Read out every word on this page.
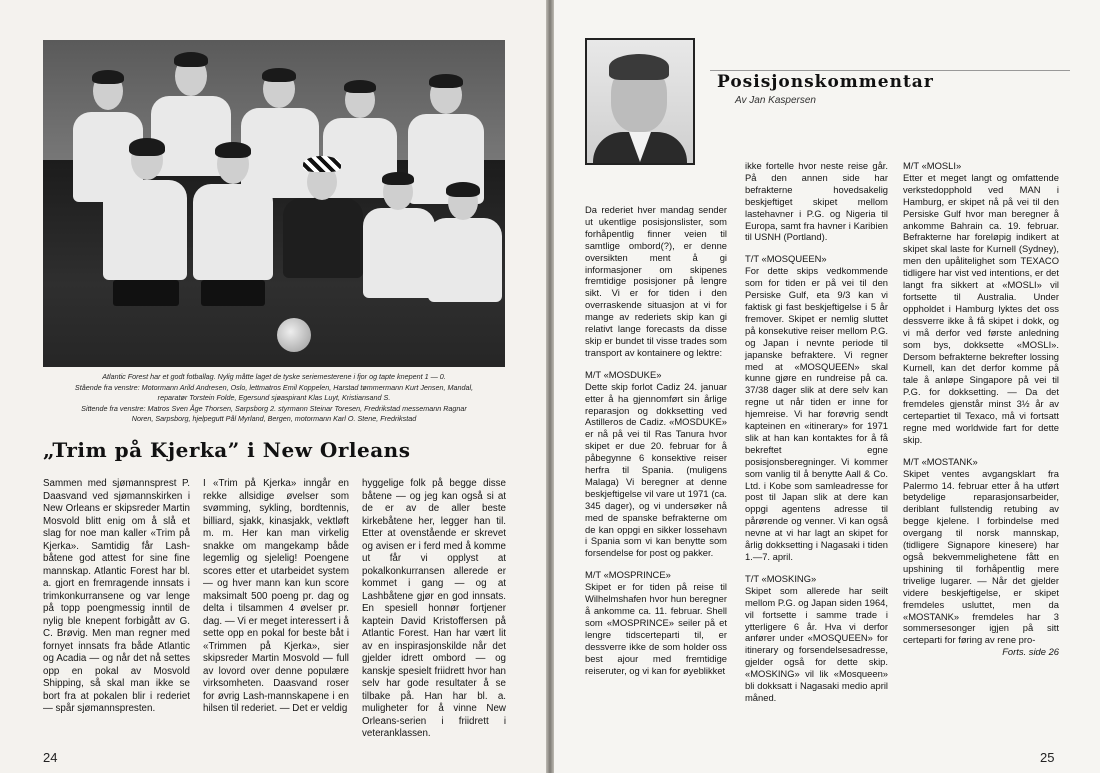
Atlantic Forest har et godt fotballag. Nylig måtte laget de tyske seriemesterene i fjor og tapte knepent 1 — 0.
Stående fra venstre: Motormann Arild Andresen, Oslo, lettmatros Emil Koppelen, Harstad tømmermann Kurt Jensen, Mandal,
reparatør Torstein Folde, Egersund sjøaspirant Klas Luyt, Kristiansand S.
Sittende fra venstre: Matros Sven Åge Thorsen, Sarpsborg 2. styrmann Steinar Toresen, Fredrikstad messemann Ragnar
Noren, Sarpsborg, hjelpegutt Pål Myrland, Bergen, motormann Karl O. Stene, Fredrikstad
„Trim på Kjerka” i New Orleans
Sammen med sjømannsprest P. Daasvand ved sjømannskirken i New Orleans er skipsreder Martin Mosvold blitt enig om å slå et slag for noe man kaller «Trim på Kjerka». Samtidig får Lash-båtene god attest for sine fine mannskap. Atlantic Forest har bl. a. gjort en fremragende innsats i trimkonkurransene og var lenge på topp poengmessig inntil de nylig ble knepent forbigått av G. C. Brøvig. Men man regner med fornyet innsats fra både Atlantic og Acadia — og når det nå settes opp en pokal av Mosvold Shipping, så skal man ikke se bort fra at pokalen blir i rederiet — spår sjømannspresten.
I «Trim på Kjerka» inngår en rekke allsidige øvelser som svømming, sykling, bordtennis, billiard, sjakk, kinasjakk, vektløft m. m. Her kan man virkelig snakke om mangekamp både legemlig og sjelelig! Poengene scores etter et utarbeidet system — og hver mann kan kun score maksimalt 500 poeng pr. dag og delta i tilsammen 4 øvelser pr. dag. — Vi er meget interessert i å sette opp en pokal for beste båt i «Trimmen på Kjerka», sier skipsreder Martin Mosvold — full av lovord over denne populære virksomheten. Daasvand roser for øvrig Lash-mannskapene i en hilsen til rederiet. — Det er veldig
hyggelige folk på begge disse båtene — og jeg kan også si at de er av de aller beste kirkebåtene her, legger han til. Etter at ovenstående er skrevet og avisen er i ferd med å komme ut får vi opplyst at pokalkonkurransen allerede er kommet i gang — og at Lashbåtene gjør en god innsats. En spesiell honnør fortjener kaptein David Kristoffersen på Atlantic Forest. Han har vært lit av en inspirasjonskilde når det gjelder idrett ombord — og kanskje spesielt friidrett hvor han selv har gode resultater å se tilbake på. Han har bl. a. muligheter for å vinne New Orleans-serien i friidrett i veteranklassen.
24
Posisjonskommentar
Av Jan Kaspersen

Da rederiet hver mandag sender ut ukentlige posisjonslister, som forhåpentlig finner veien til samtlige ombord(?), er denne oversikten ment å gi informasjoner om skipenes fremtidige posisjoner på lengre sikt. Vi er for tiden i den overraskende situasjon at vi for mange av rederiets skip kan gi relativt lange forecasts da disse skip er bundet til visse trades som transport av kontainere og lektre:

M/T «MOSDUKE»

Dette skip forlot Cadiz 24. januar etter å ha gjennomført sin årlige reparasjon og dokksetting ved Astilleros de Cadiz. «MOSDUKE» er nå på vei til Ras Tanura hvor skipet er due 20. februar for å påbegynne 6 konsektive reiser herfra til Spania. (muligens Malaga) Vi beregner at denne beskjeftigelse vil vare ut 1971 (ca. 345 dager), og vi undersøker nå med de spanske befrakterne om de kan oppgi en sikker lossehavn i Spania som vi kan benytte som forsendelse for post og pakker.

M/T «MOSPRINCE»

Skipet er for tiden på reise til Wilhelmshafen hvor hun beregner å ankomme ca. 11. februar. Shell som «MOSPRINCE» seiler på et lengre tidscerteparti til, er dessverre ikke de som holder oss best ajour med fremtidige reiseruter, og vi kan for øyeblikket

ikke fortelle hvor neste reise går. På den annen side har befrakterne hovedsakelig beskjeftiget skipet mellom lastehavner i P.G. og Nigeria til Europa, samt fra havner i Karibien til USNH (Portland).

T/T «MOSQUEEN»

For dette skips vedkommende som for tiden er på vei til den Persiske Gulf, eta 9/3 kan vi faktisk gi fast beskjeftigelse i 5 år fremover. Skipet er nemlig sluttet på konsekutive reiser mellom P.G. og Japan i nevnte periode til japanske befraktere. Vi regner med at «MOSQUEEN» skal kunne gjøre en rundreise på ca. 37/38 dager slik at dere selv kan regne ut når tiden er inne for hjemreise. Vi har forøvrig sendt kapteinen en «itinerary» for 1971 slik at han kan kontaktes for å få bekreftet egne posisjonsberegninger. Vi kommer som vanlig til å benytte Aall & Co. Ltd. i Kobe som samleadresse for post til Japan slik at dere kan oppgi agentens adresse til pårørende og venner. Vi kan også nevne at vi har lagt an skipet for årlig dokksetting i Nagasaki i tiden 1.—7. april.

T/T «MOSKING»

Skipet som allerede har seilt mellom P.G. og Japan siden 1964, vil fortsette i samme trade i ytterligere 6 år. Hva vi derfor anfører under «MOSQUEEN» for itinerary og forsendelsesadresse, gjelder også for dette skip. «MOSKING» vil lik «Mosqueen» bli dokksatt i Nagasaki medio april måned.

M/T «MOSLI»

Etter et meget langt og omfattende verkstedopphold ved MAN i Hamburg, er skipet nå på vei til den Persiske Gulf hvor man beregner å ankomme Bahrain ca. 19. februar. Befrakterne har foreløpig indikert at skipet skal laste for Kurnell (Sydney), men den upålitelighet som TEXACO tidligere har vist ved intentions, er det langt fra sikkert at «MOSLI» vil fortsette til Australia. Under oppholdet i Hamburg lyktes det oss dessverre ikke å få skipet i dokk, og vi må derfor ved første anledning som bys, dokksette «MOSLI». Dersom befrakterne bekrefter lossing Kurnell, kan det derfor komme på tale å anløpe Singapore på vei til P.G. for dokksetting. — Da det fremdeles gjenstår minst 3½ år av certepartiet til Texaco, må vi fortsatt regne med worldwide fart for dette skip.

M/T «MOSTANK»

Skipet ventes avgangsklart fra Palermo 14. februar etter å ha utført betydelige reparasjonsarbeider, deriblant fullstendig retubing av begge kjelene. I forbindelse med overgang til norsk mannskap, (tidligere Signapore kinesere) har også bekvemmelighetene fått en upshining til forhåpentlig mere trivelige lugarer. — Når det gjelder videre beskjeftigelse, er skipet fremdeles usluttet, men da «MOSTANK» fremdeles har 3 sommersesonger igjen på sitt certeparti for føring av rene pro-

Forts. side 26

25
